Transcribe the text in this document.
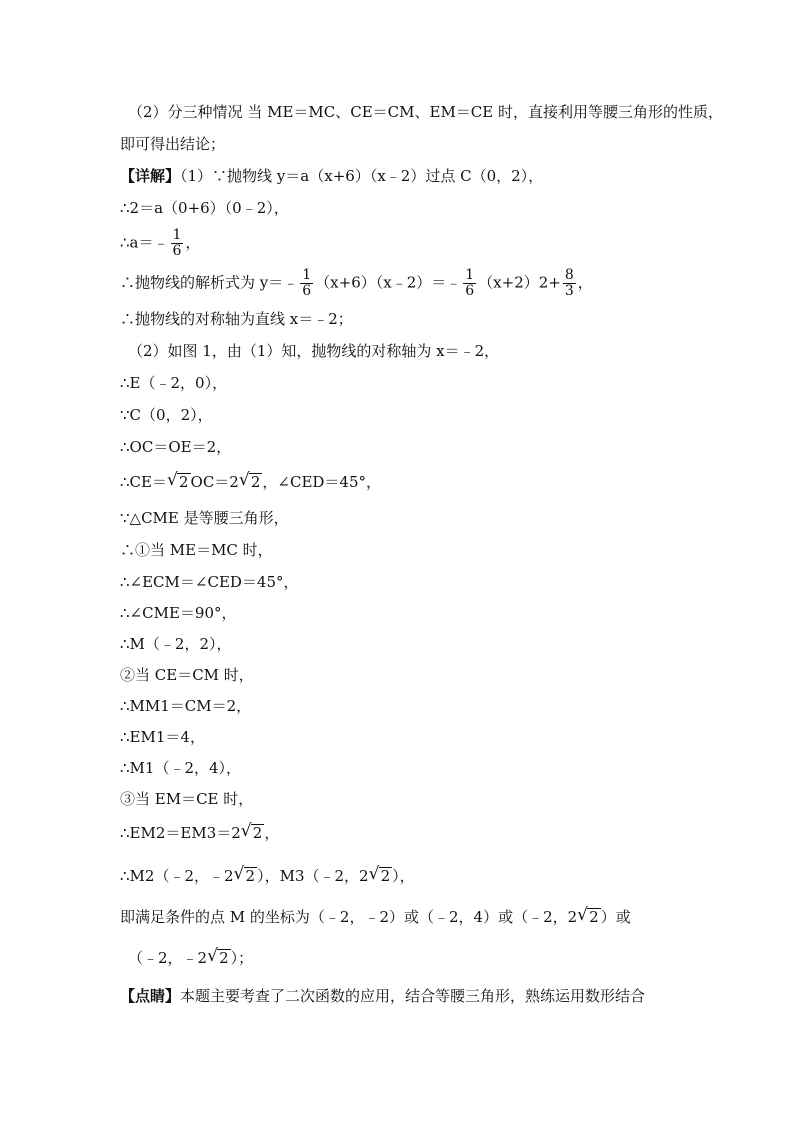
（2）分三种情况 当 ME＝MC、CE＝CM、EM＝CE 时，直接利用等腰三角形的性质，
即可得出结论；
【详解】（1）∵抛物线 y＝a（x+6）（x﹣2）过点 C（0，2），
∴2＝a（0+6）（0﹣2），
∴a＝﹣ $\frac{1}{6}$ ，
∴抛物线的解析式为 y＝﹣ $\frac{1}{6}$ （x+6）（x﹣2）＝﹣ $\frac{1}{6} (x+2)2+ \frac{8}{3}$ ，
∴抛物线的对称轴为直线 x＝﹣2；
（2）如图 1，由（1）知，抛物线的对称轴为 x＝﹣2，
∴E（﹣2，0），
∵C（0，2），
∴OC＝OE＝2，
∴CE＝ √ 2 OC＝2 √ 2 ，∠CED＝45°，
∵△CME 是等腰三角形，
∴①当 ME＝MC 时，
∴∠ECM＝∠CED＝45°，
∴∠CME＝90°，
∴M（﹣2，2），
②当 CE＝CM 时，
∴MM1＝CM＝2，
∴EM1＝4，
∴M1（﹣2，4），
③当 EM＝CE 时，
∴EM2＝EM3＝2 √ 2 ，
∴M2（﹣2，﹣2 √ 2 ），M3（﹣2，2 √ 2 ），
即满足条件的点 M 的坐标为（﹣2，﹣2）或（﹣2，4）或（﹣2，2 √ 2 ）或
（﹣2，﹣2 √ 2 ）；
【点睛】本题主要考查了二次函数的应用，结合等腰三角形，熟练运用数形结合
